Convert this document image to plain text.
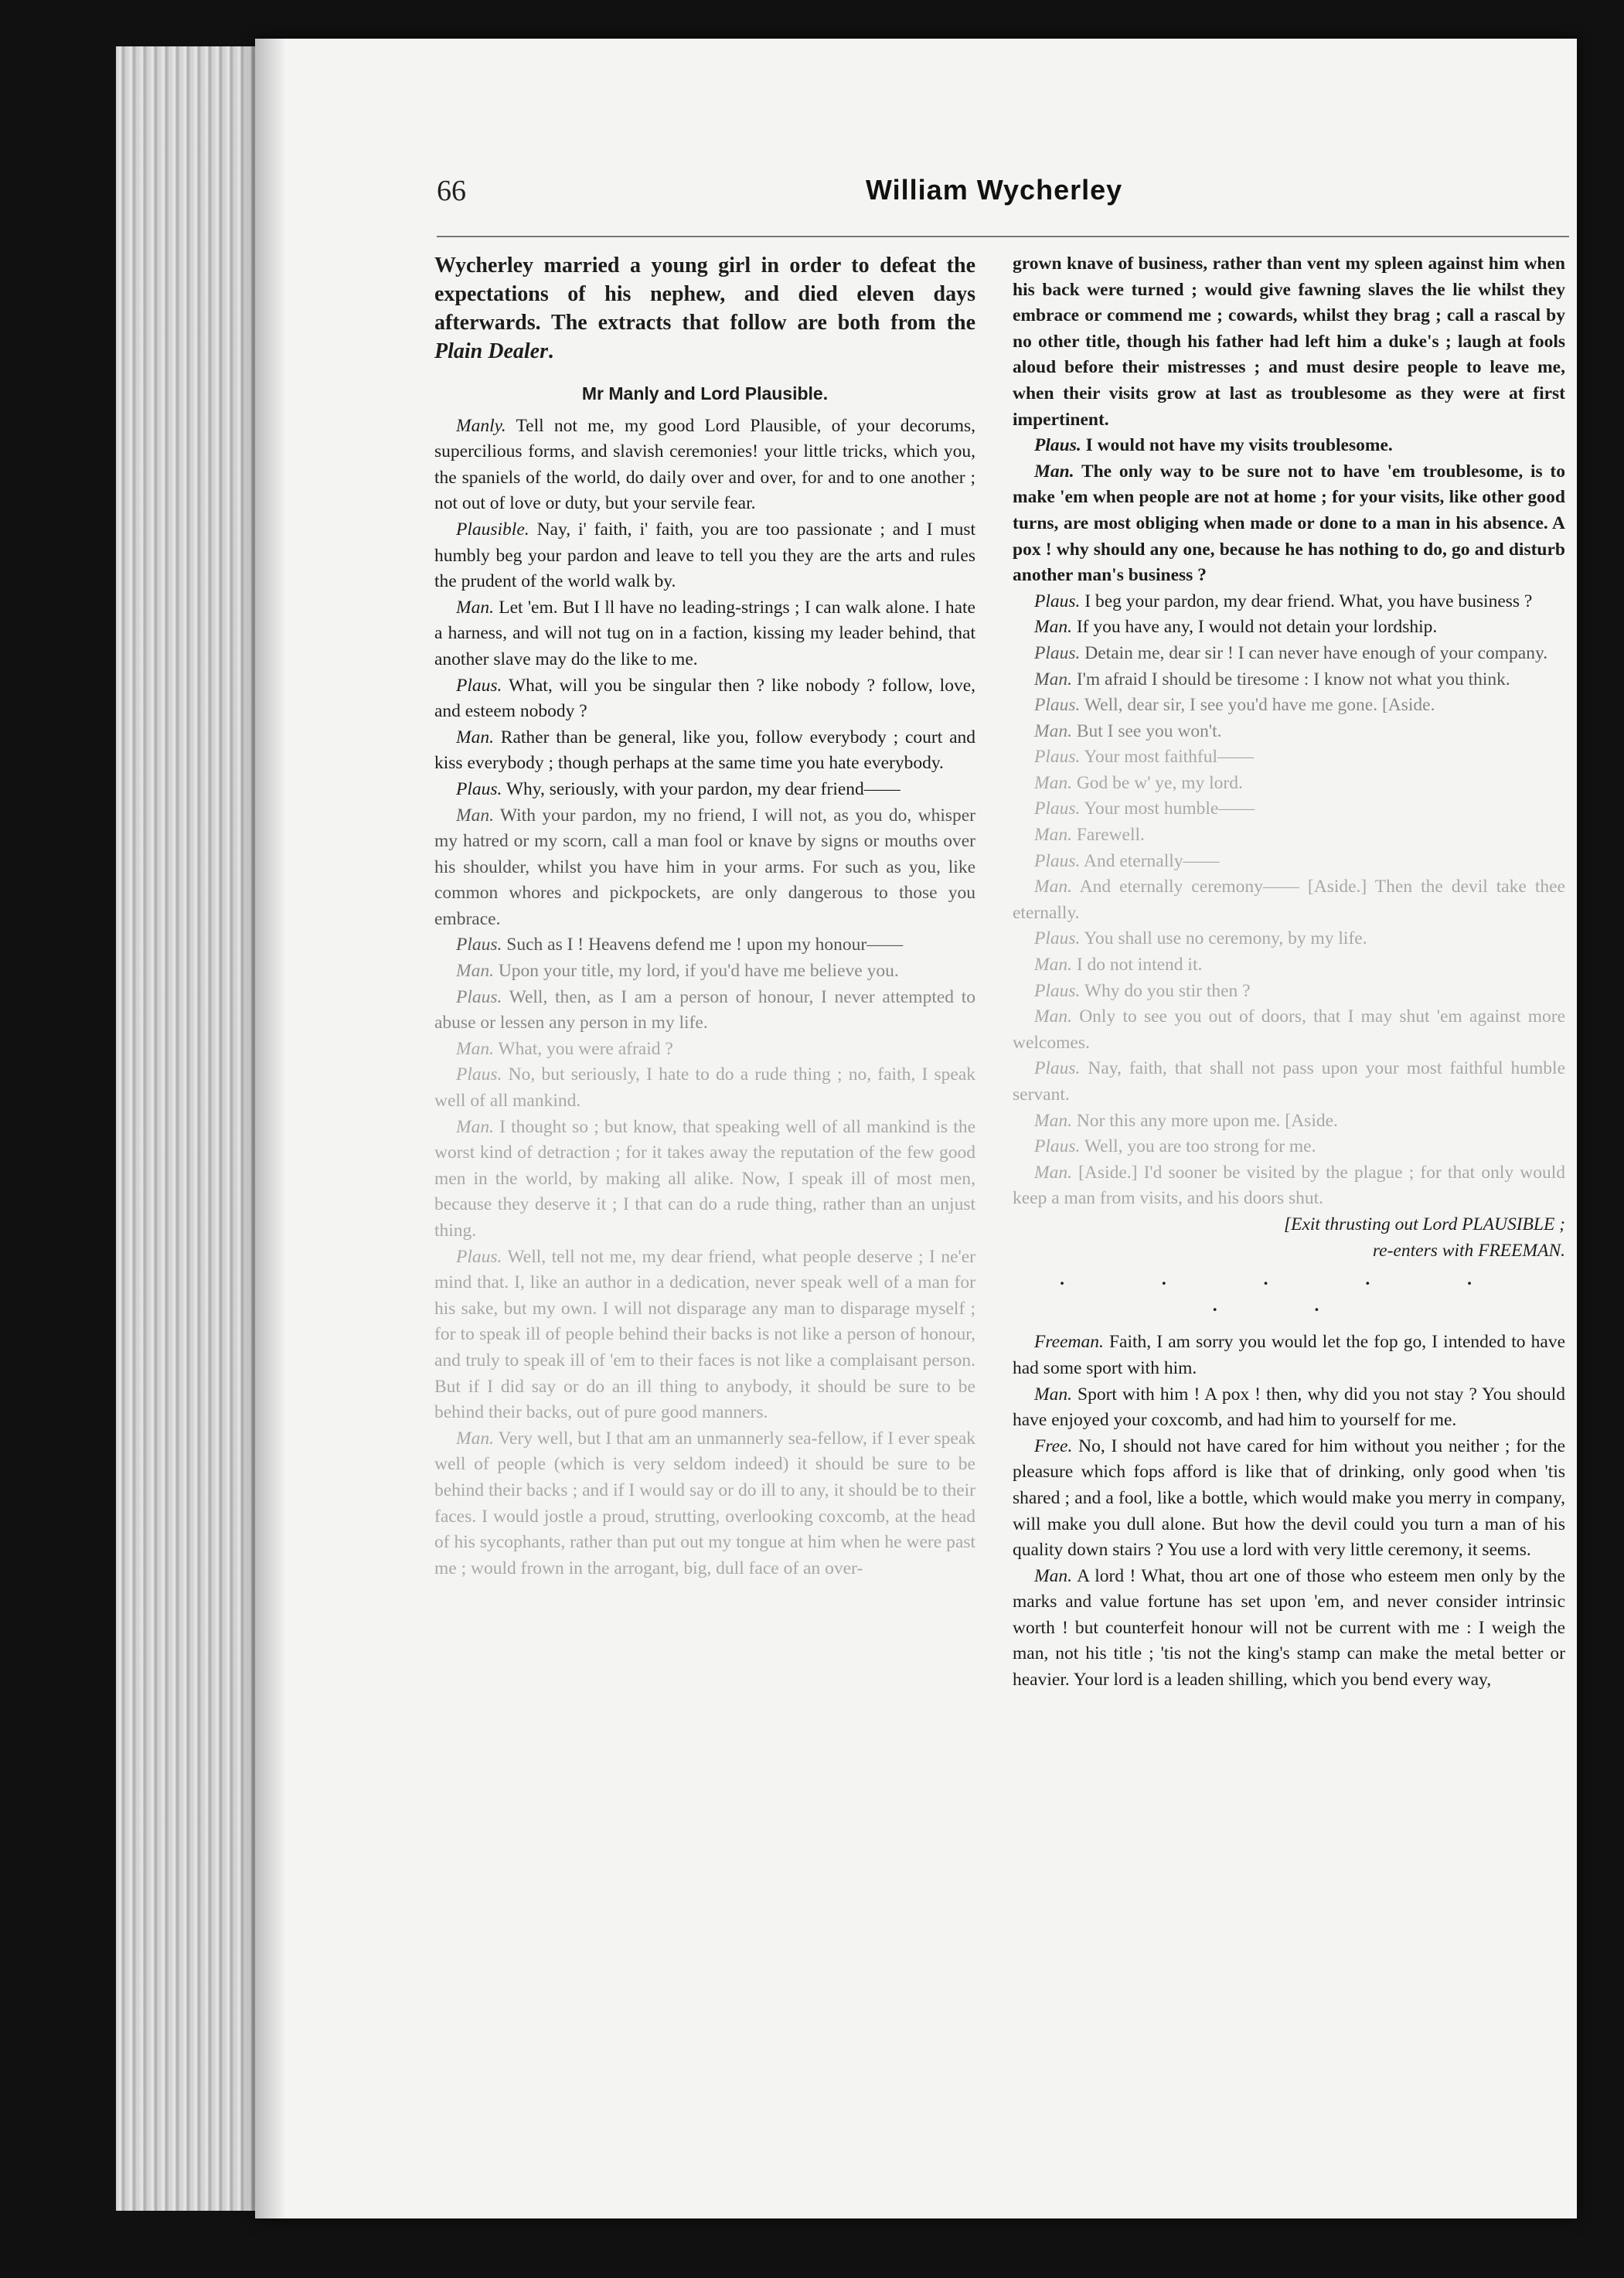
66	William Wycherley

Wycherley married a young girl in order to defeat the expectations of his nephew, and died eleven days afterwards. The extracts that follow are both from the Plain Dealer.

Mr Manly and Lord Plausible.

Manly. Tell not me, my good Lord Plausible, of your decorums, supercilious forms, and slavish ceremonies! your little tricks, which you, the spaniels of the world, do daily over and over, for and to one another ; not out of love or duty, but your servile fear.

Plausible. Nay, i' faith, i' faith, you are too passionate ; and I must humbly beg your pardon and leave to tell you they are the arts and rules the prudent of the world walk by.

Man. Let 'em. But I ll have no leading-strings ; I can walk alone. I hate a harness, and will not tug on in a faction, kissing my leader behind, that another slave may do the like to me.

Plaus. What, will you be singular then ? like nobody ? follow, love, and esteem nobody ?

Man. Rather than be general, like you, follow everybody ; court and kiss everybody ; though perhaps at the same time you hate everybody.

Plaus. Why, seriously, with your pardon, my dear friend——

Man. With your pardon, my no friend, I will not, as you do, whisper my hatred or my scorn, call a man fool or knave by signs or mouths over his shoulder, whilst you have him in your arms. For such as you, like common whores and pickpockets, are only dangerous to those you embrace.

Plaus. Such as I ! Heavens defend me ! upon my honour——

Man. Upon your title, my lord, if you'd have me believe you.

Plaus. Well, then, as I am a person of honour, I never attempted to abuse or lessen any person in my life.

Man. What, you were afraid ?

Plaus. No, but seriously, I hate to do a rude thing ; no, faith, I speak well of all mankind.

Man. I thought so ; but know, that speaking well of all mankind is the worst kind of detraction ; for it takes away the reputation of the few good men in the world, by making all alike. Now, I speak ill of most men, because they deserve it ; I that can do a rude thing, rather than an unjust thing.

Plaus. Well, tell not me, my dear friend, what people deserve ; I ne'er mind that. I, like an author in a dedication, never speak well of a man for his sake, but my own. I will not disparage any man to disparage myself ; for to speak ill of people behind their backs is not like a person of honour, and truly to speak ill of 'em to their faces is not like a complaisant person. But if I did say or do an ill thing to anybody, it should be sure to be behind their backs, out of pure good manners.

Man. Very well, but I that am an unmannerly sea-fellow, if I ever speak well of people (which is very seldom indeed) it should be sure to be behind their backs ; and if I would say or do ill to any, it should be to their faces. I would jostle a proud, strutting, overlooking coxcomb, at the head of his sycophants, rather than put out my tongue at him when he were past me ; would frown in the arrogant, big, dull face of an over-

grown knave of business, rather than vent my spleen against him when his back were turned ; would give fawning slaves the lie whilst they embrace or commend me ; cowards, whilst they brag ; call a rascal by no other title, though his father had left him a duke's ; laugh at fools aloud before their mistresses ; and must desire people to leave me, when their visits grow at last as troublesome as they were at first impertinent.

Plaus. I would not have my visits troublesome.

Man. The only way to be sure not to have 'em troublesome, is to make 'em when people are not at home ; for your visits, like other good turns, are most obliging when made or done to a man in his absence. A pox ! why should any one, because he has nothing to do, go and disturb another man's business ?

Plaus. I beg your pardon, my dear friend. What, you have business ?

Man. If you have any, I would not detain your lordship.

Plaus. Detain me, dear sir ! I can never have enough of your company.

Man. I'm afraid I should be tiresome : I know not what you think.

Plaus. Well, dear sir, I see you'd have me gone. [Aside.

Man. But I see you won't.

Plaus. Your most faithful——

Man. God be w' ye, my lord.

Plaus. Your most humble——

Man. Farewell.

Plaus. And eternally——

Man. And eternally ceremony—— [Aside.] Then the devil take thee eternally.

Plaus. You shall use no ceremony, by my life.

Man. I do not intend it.

Plaus. Why do you stir then ?

Man. Only to see you out of doors, that I may shut 'em against more welcomes.

Plaus. Nay, faith, that shall not pass upon your most faithful humble servant.

Man. Nor this any more upon me. [Aside.

Plaus. Well, you are too strong for me.

Man. [Aside.] I'd sooner be visited by the plague ; for that only would keep a man from visits, and his doors shut.

[Exit thrusting out Lord PLAUSIBLE ;

re-enters with FREEMAN.

. . . . . . .

Freeman. Faith, I am sorry you would let the fop go, I intended to have had some sport with him.

Man. Sport with him ! A pox ! then, why did you not stay ? You should have enjoyed your coxcomb, and had him to yourself for me.

Free. No, I should not have cared for him without you neither ; for the pleasure which fops afford is like that of drinking, only good when 'tis shared ; and a fool, like a bottle, which would make you merry in company, will make you dull alone. But how the devil could you turn a man of his quality down stairs ? You use a lord with very little ceremony, it seems.

Man. A lord ! What, thou art one of those who esteem men only by the marks and value fortune has set upon 'em, and never consider intrinsic worth ! but counterfeit honour will not be current with me : I weigh the man, not his title ; 'tis not the king's stamp can make the metal better or heavier. Your lord is a leaden shilling, which you bend every way,
